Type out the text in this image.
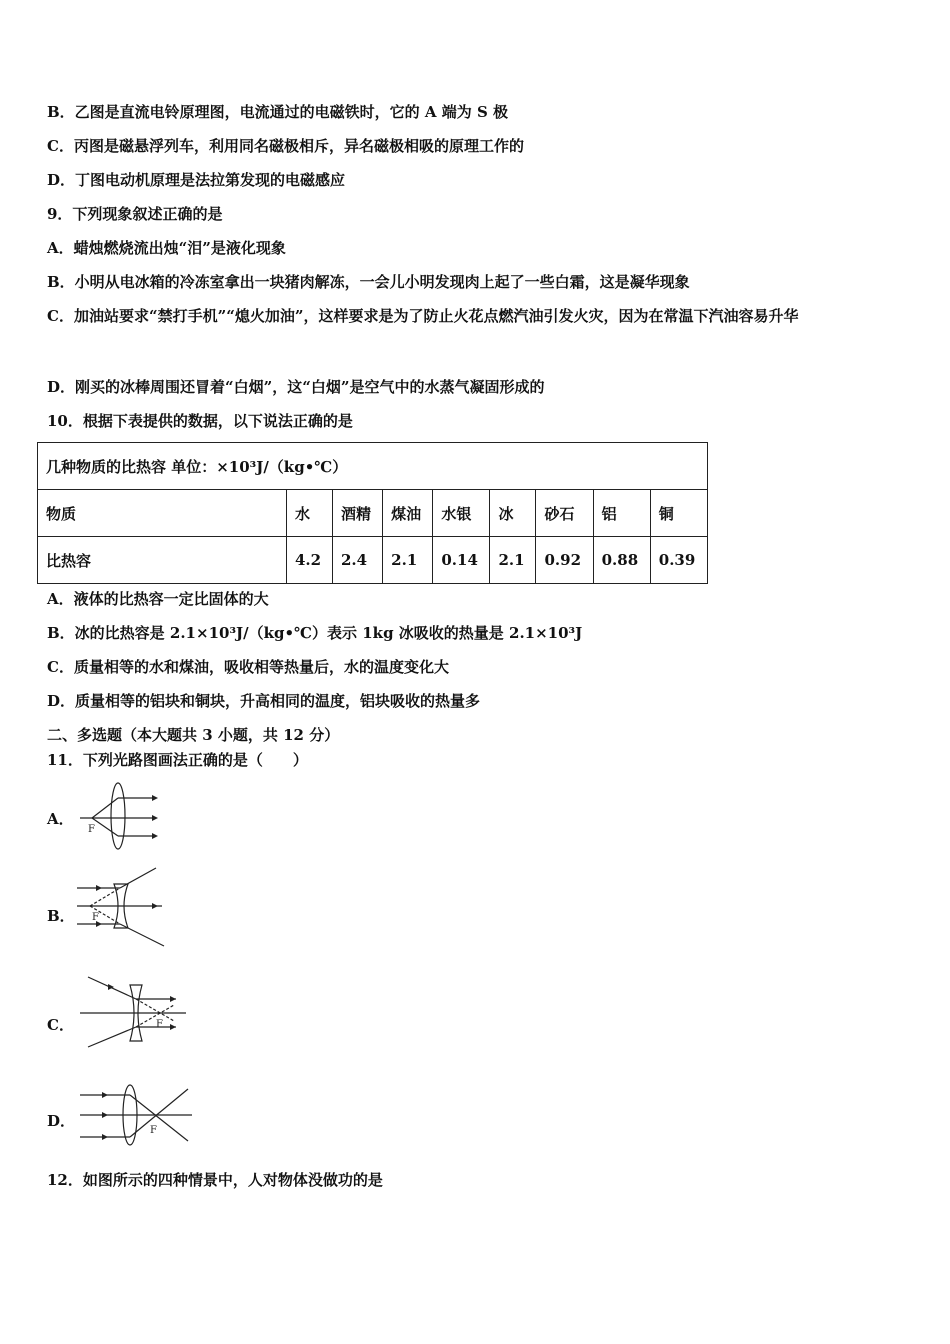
B．乙图是直流电铃原理图，电流通过的电磁铁时，它的 A 端为 S 极
C．丙图是磁悬浮列车，利用同名磁极相斥，异名磁极相吸的原理工作的
D．丁图电动机原理是法拉第发现的电磁感应
9．下列现象叙述正确的是
A．蜡烛燃烧流出烛“泪”是液化现象
B．小明从电冰箱的冷冻室拿出一块猪肉解冻，一会儿小明发现肉上起了一些白霜，这是凝华现象
C．加油站要求“禁打手机”“熄火加油”，这样要求是为了防止火花点燃汽油引发火灾，因为在常温下汽油容易升华
D．刚买的冰棒周围还冒着“白烟”，这“白烟”是空气中的水蒸气凝固形成的
10．根据下表提供的数据，以下说法正确的是
几种物质的比热容 单位：×10³J/（kg•℃）								
物质	水	酒精	煤油	水银	冰	砂石	铝	铜
比热容	4.2	2.4	2.1	0.14	2.1	0.92	0.88	0.39
A．液体的比热容一定比固体的大
B．冰的比热容是 2.1×10³J/（kg•℃）表示 1kg 冰吸收的热量是 2.1×10³J
C．质量相等的水和煤油，吸收相等热量后，水的温度变化大
D．质量相等的铝块和铜块，升高相同的温度，铝块吸收的热量多
二、多选题（本大题共 3 小题，共 12 分）
11．下列光路图画法正确的是（　　）
A．
F
B． F
C．	F
D．
F
12．如图所示的四种情景中，人对物体没做功的是
